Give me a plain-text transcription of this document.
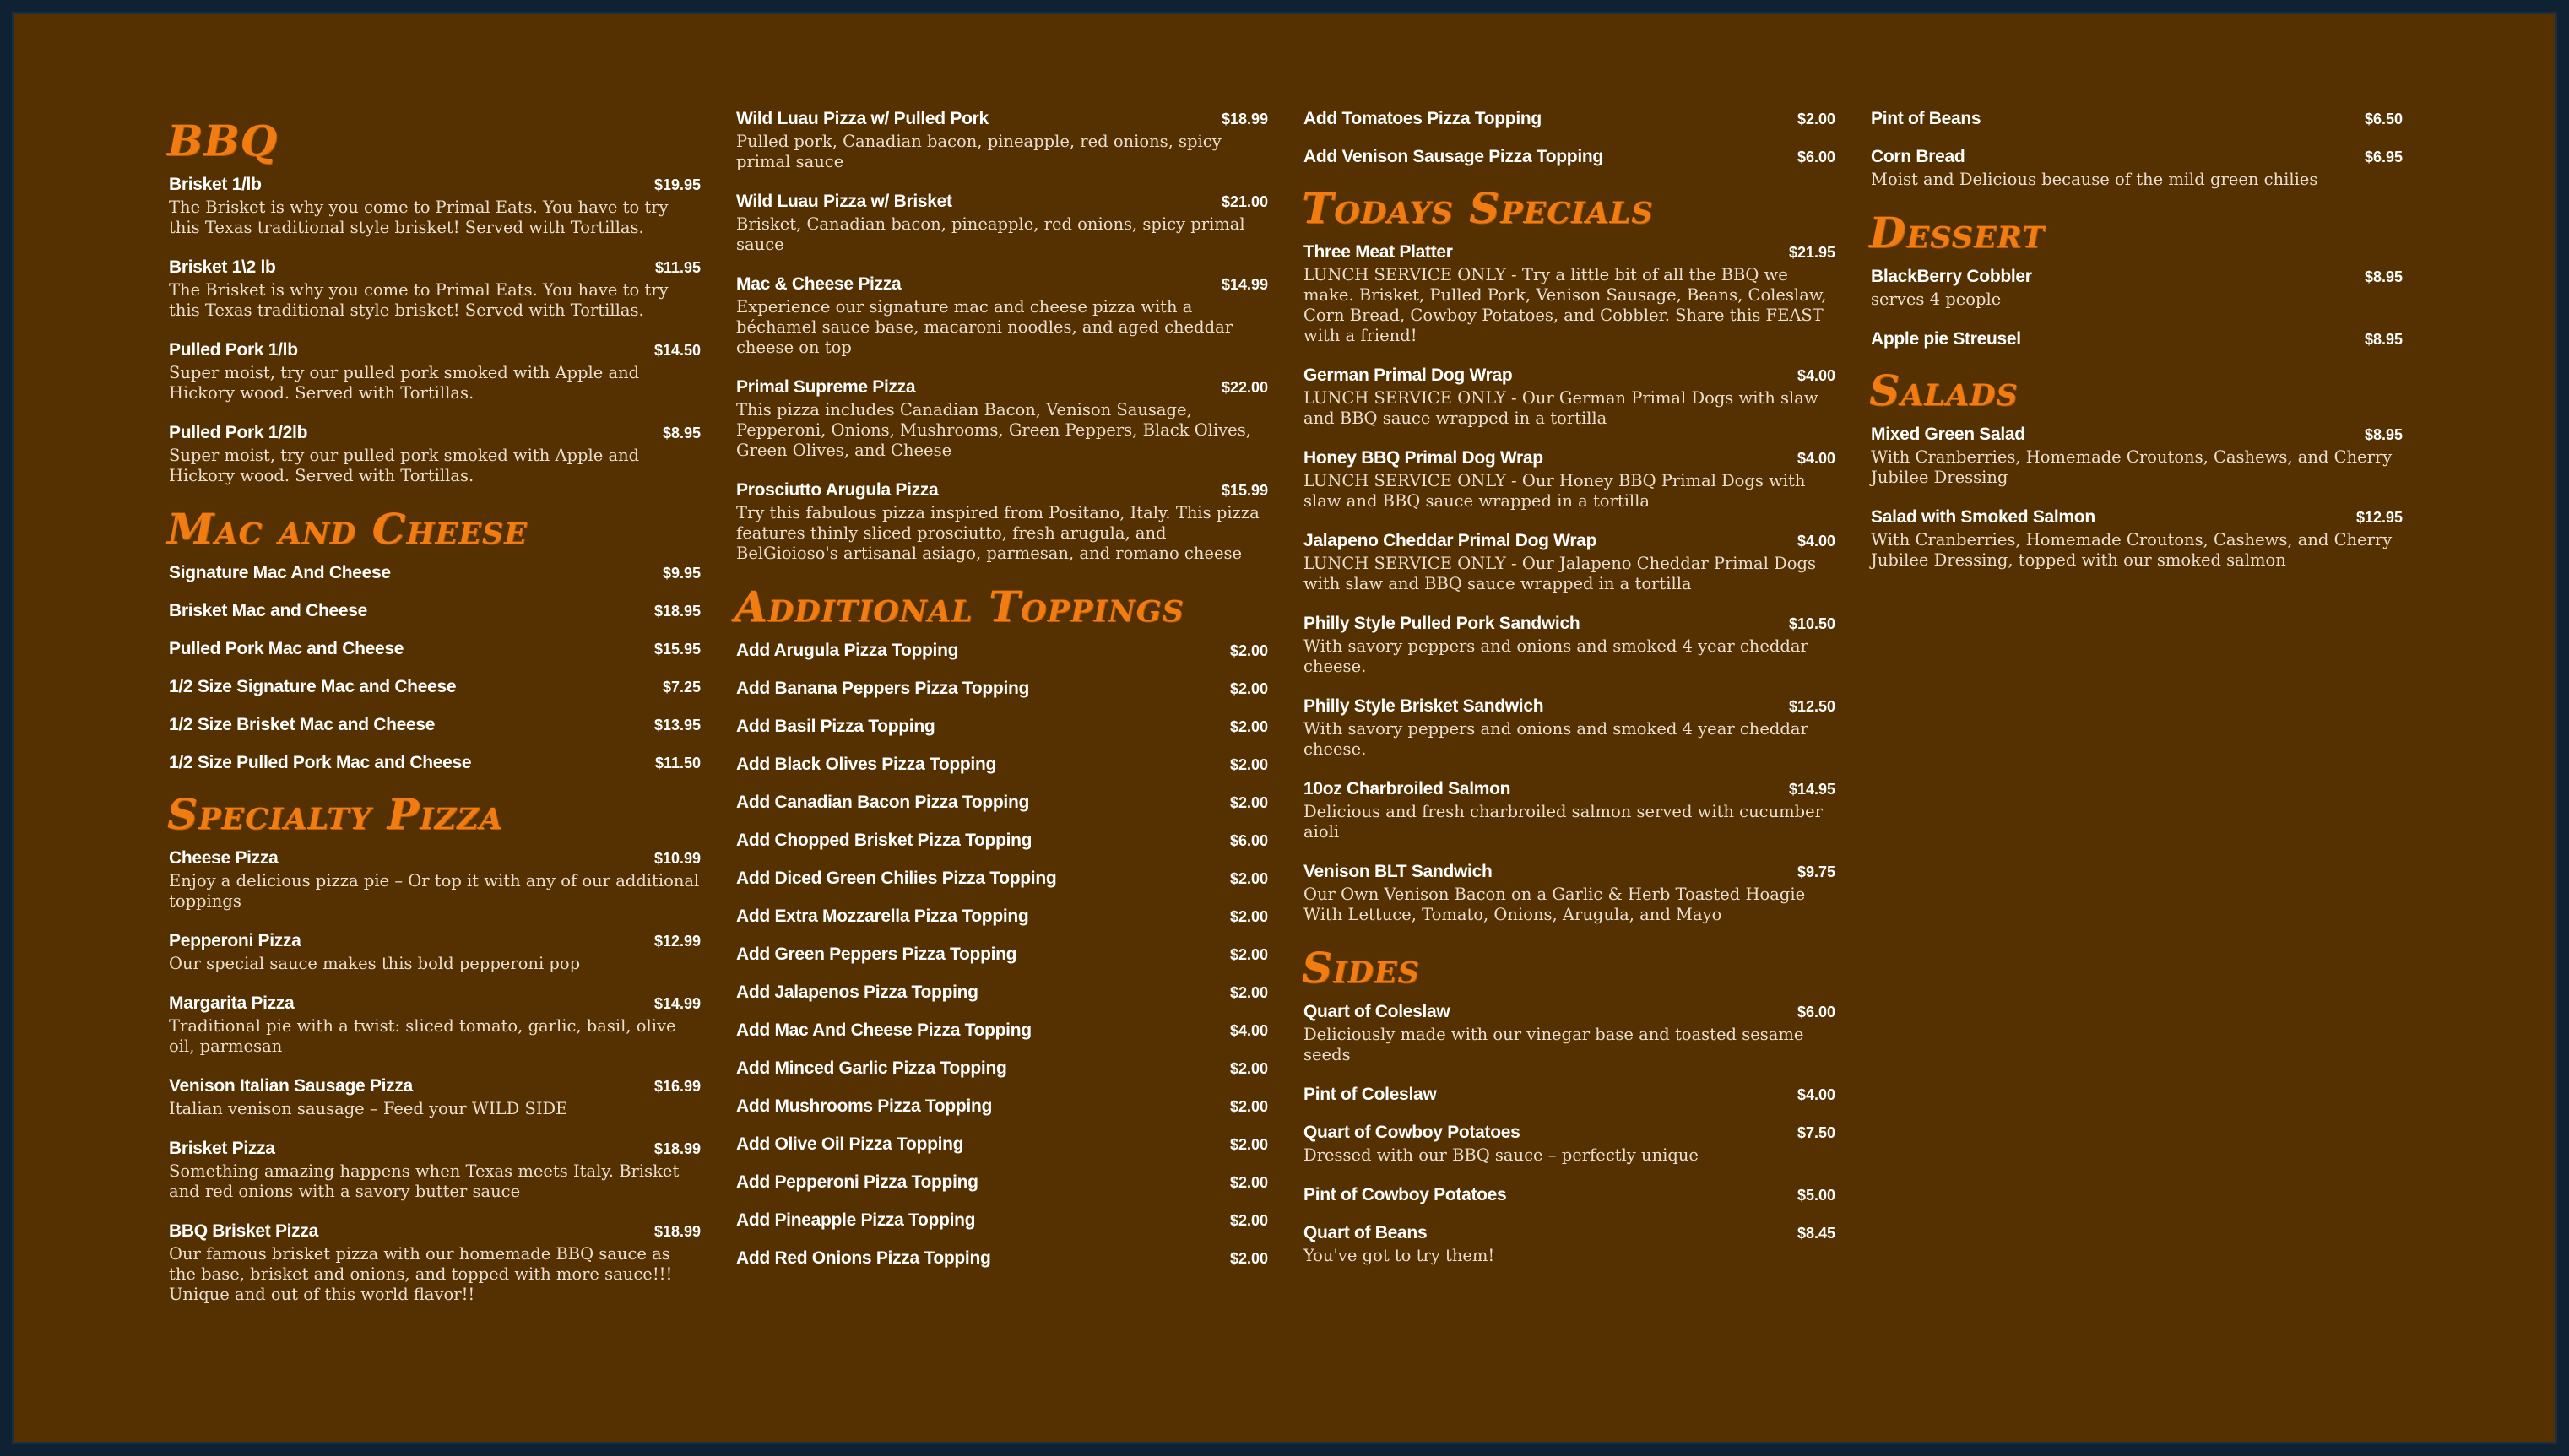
BBQ
Brisket 1/lb	$19.95
The Brisket is why you come to Primal Eats. You have to try this Texas traditional style brisket! Served with Tortillas.
Brisket 1\2 lb	$11.95
The Brisket is why you come to Primal Eats. You have to try this Texas traditional style brisket! Served with Tortillas.
Pulled Pork 1/lb	$14.50
Super moist, try our pulled pork smoked with Apple and Hickory wood. Served with Tortillas.
Pulled Pork 1/2lb	$8.95
Super moist, try our pulled pork smoked with Apple and Hickory wood. Served with Tortillas.
Mac and Cheese
Signature Mac And Cheese	$9.95
Brisket Mac and Cheese	$18.95
Pulled Pork Mac and Cheese	$15.95
1/2 Size Signature Mac and Cheese	$7.25
1/2 Size Brisket Mac and Cheese	$13.95
1/2 Size Pulled Pork Mac and Cheese	$11.50
Specialty Pizza
Cheese Pizza	$10.99
Enjoy a delicious pizza pie – Or top it with any of our additional toppings
Pepperoni Pizza	$12.99
Our special sauce makes this bold pepperoni pop
Margarita Pizza	$14.99
Traditional pie with a twist: sliced tomato, garlic, basil, olive oil, parmesan
Venison Italian Sausage Pizza	$16.99
Italian venison sausage – Feed your WILD SIDE
Brisket Pizza	$18.99
Something amazing happens when Texas meets Italy. Brisket and red onions with a savory butter sauce
BBQ Brisket Pizza	$18.99
Our famous brisket pizza with our homemade BBQ sauce as the base, brisket and onions, and topped with more sauce!!! Unique and out of this world flavor!!
Wild Luau Pizza w/ Pulled Pork	$18.99
Pulled pork, Canadian bacon, pineapple, red onions, spicy primal sauce
Wild Luau Pizza w/ Brisket	$21.00
Brisket, Canadian bacon, pineapple, red onions, spicy primal sauce
Mac & Cheese Pizza	$14.99
Experience our signature mac and cheese pizza with a béchamel sauce base, macaroni noodles, and aged cheddar cheese on top
Primal Supreme Pizza	$22.00
This pizza includes Canadian Bacon, Venison Sausage, Pepperoni, Onions, Mushrooms, Green Peppers, Black Olives, Green Olives, and Cheese
Prosciutto Arugula Pizza	$15.99
Try this fabulous pizza inspired from Positano, Italy. This pizza features thinly sliced prosciutto, fresh arugula, and BelGioioso's artisanal asiago, parmesan, and romano cheese
Additional Toppings
Add Arugula Pizza Topping	$2.00
Add Banana Peppers Pizza Topping	$2.00
Add Basil Pizza Topping	$2.00
Add Black Olives Pizza Topping	$2.00
Add Canadian Bacon Pizza Topping	$2.00
Add Chopped Brisket Pizza Topping	$6.00
Add Diced Green Chilies Pizza Topping	$2.00
Add Extra Mozzarella Pizza Topping	$2.00
Add Green Peppers Pizza Topping	$2.00
Add Jalapenos Pizza Topping	$2.00
Add Mac And Cheese Pizza Topping	$4.00
Add Minced Garlic Pizza Topping	$2.00
Add Mushrooms Pizza Topping	$2.00
Add Olive Oil Pizza Topping	$2.00
Add Pepperoni Pizza Topping	$2.00
Add Pineapple Pizza Topping	$2.00
Add Red Onions Pizza Topping	$2.00
Add Tomatoes Pizza Topping	$2.00
Add Venison Sausage Pizza Topping	$6.00
Todays Specials
Three Meat Platter	$21.95
LUNCH SERVICE ONLY - Try a little bit of all the BBQ we make. Brisket, Pulled Pork, Venison Sausage, Beans, Coleslaw, Corn Bread, Cowboy Potatoes, and Cobbler. Share this FEAST with a friend!
German Primal Dog Wrap	$4.00
LUNCH SERVICE ONLY - Our German Primal Dogs with slaw and BBQ sauce wrapped in a tortilla
Honey BBQ Primal Dog Wrap	$4.00
LUNCH SERVICE ONLY - Our Honey BBQ Primal Dogs with slaw and BBQ sauce wrapped in a tortilla
Jalapeno Cheddar Primal Dog Wrap	$4.00
LUNCH SERVICE ONLY - Our Jalapeno Cheddar Primal Dogs with slaw and BBQ sauce wrapped in a tortilla
Philly Style Pulled Pork Sandwich	$10.50
With savory peppers and onions and smoked 4 year cheddar cheese.
Philly Style Brisket Sandwich	$12.50
With savory peppers and onions and smoked 4 year cheddar cheese.
10oz Charbroiled Salmon	$14.95
Delicious and fresh charbroiled salmon served with cucumber aioli
Venison BLT Sandwich	$9.75
Our Own Venison Bacon on a Garlic & Herb Toasted Hoagie With Lettuce, Tomato, Onions, Arugula, and Mayo
Sides
Quart of Coleslaw	$6.00
Deliciously made with our vinegar base and toasted sesame seeds
Pint of Coleslaw	$4.00
Quart of Cowboy Potatoes	$7.50
Dressed with our BBQ sauce – perfectly unique
Pint of Cowboy Potatoes	$5.00
Quart of Beans	$8.45
You've got to try them!
Pint of Beans	$6.50
Corn Bread	$6.95
Moist and Delicious because of the mild green chilies
Dessert
BlackBerry Cobbler	$8.95
serves 4 people
Apple pie Streusel	$8.95
Salads
Mixed Green Salad	$8.95
With Cranberries, Homemade Croutons, Cashews, and Cherry Jubilee Dressing
Salad with Smoked Salmon	$12.95
With Cranberries, Homemade Croutons, Cashews, and Cherry Jubilee Dressing, topped with our smoked salmon
